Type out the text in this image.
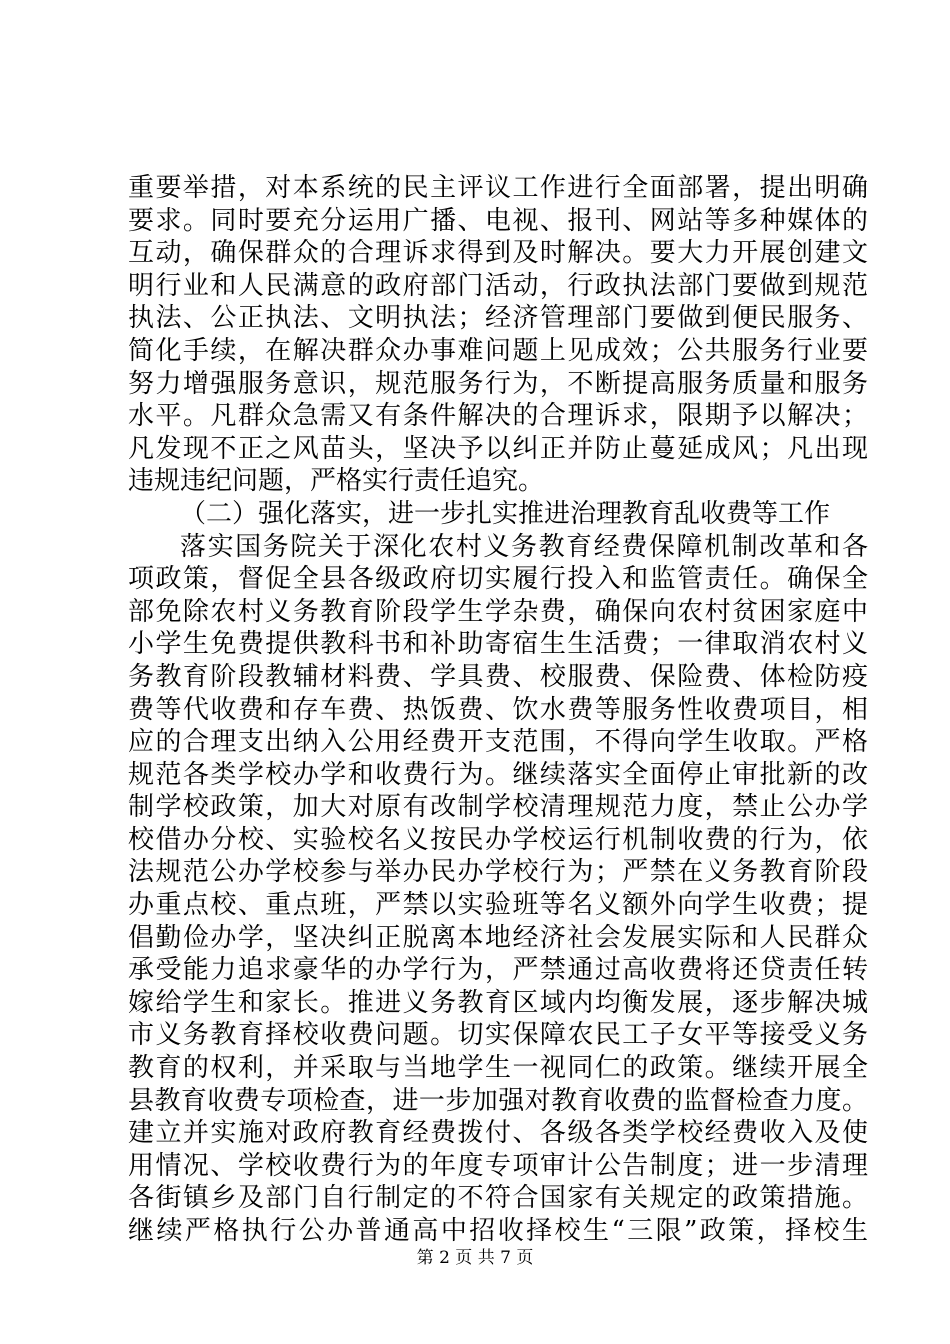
重要举措，对本系统的民主评议工作进行全面部署，提出明确
要求。同时要充分运用广播、电视、报刊、网站等多种媒体的
互动，确保群众的合理诉求得到及时解决。要大力开展创建文
明行业和人民满意的政府部门活动，行政执法部门要做到规范
执法、公正执法、文明执法；经济管理部门要做到便民服务、
简化手续，在解决群众办事难问题上见成效；公共服务行业要
努力增强服务意识，规范服务行为，不断提高服务质量和服务
水平。凡群众急需又有条件解决的合理诉求，限期予以解决；
凡发现不正之风苗头，坚决予以纠正并防止蔓延成风；凡出现
违规违纪问题，严格实行责任追究。
（二）强化落实，进一步扎实推进治理教育乱收费等工作
落实国务院关于深化农村义务教育经费保障机制改革和各
项政策，督促全县各级政府切实履行投入和监管责任。确保全
部免除农村义务教育阶段学生学杂费，确保向农村贫困家庭中
小学生免费提供教科书和补助寄宿生生活费；一律取消农村义
务教育阶段教辅材料费、学具费、校服费、保险费、体检防疫
费等代收费和存车费、热饭费、饮水费等服务性收费项目，相
应的合理支出纳入公用经费开支范围，不得向学生收取。严格
规范各类学校办学和收费行为。继续落实全面停止审批新的改
制学校政策，加大对原有改制学校清理规范力度，禁止公办学
校借办分校、实验校名义按民办学校运行机制收费的行为，依
法规范公办学校参与举办民办学校行为；严禁在义务教育阶段
办重点校、重点班，严禁以实验班等名义额外向学生收费；提
倡勤俭办学，坚决纠正脱离本地经济社会发展实际和人民群众
承受能力追求豪华的办学行为，严禁通过高收费将还贷责任转
嫁给学生和家长。推进义务教育区域内均衡发展，逐步解决城
市义务教育择校收费问题。切实保障农民工子女平等接受义务
教育的权利，并采取与当地学生一视同仁的政策。继续开展全
县教育收费专项检查，进一步加强对教育收费的监督检查力度。
建立并实施对政府教育经费拨付、各级各类学校经费收入及使
用情况、学校收费行为的年度专项审计公告制度；进一步清理
各街镇乡及部门自行制定的不符合国家有关规定的政策措施。
继续严格执行公办普通高中招收择校生“三限”政策，择校生
第 2 页 共 7 页
